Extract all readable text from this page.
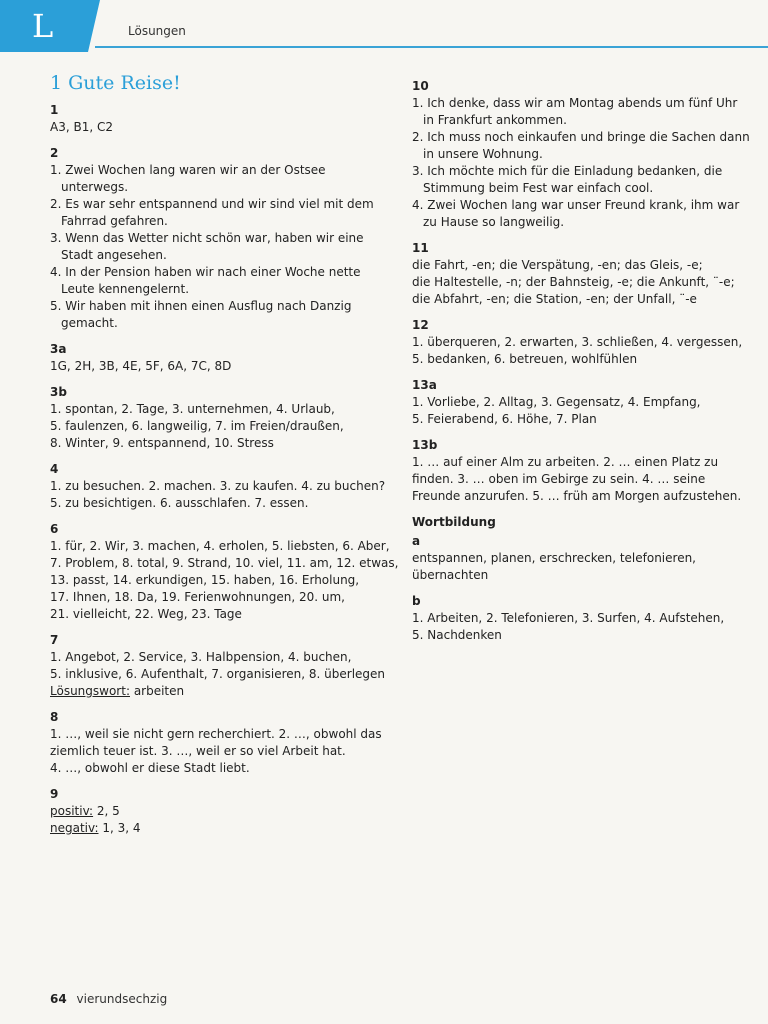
L	Lösungen
1 Gute Reise!
1
A3, B1, C2
2
1. Zwei Wochen lang waren wir an der Ostsee unterwegs.
2. Es war sehr entspannend und wir sind viel mit dem Fahrrad gefahren.
3. Wenn das Wetter nicht schön war, haben wir eine Stadt angesehen.
4. In der Pension haben wir nach einer Woche nette Leute kennengelernt.
5. Wir haben mit ihnen einen Ausflug nach Danzig gemacht.
3a
1G, 2H, 3B, 4E, 5F, 6A, 7C, 8D
3b
1. spontan, 2. Tage, 3. unternehmen, 4. Urlaub,
5. faulenzen, 6. langweilig, 7. im Freien/draußen,
8. Winter, 9. entspannend, 10. Stress
4
1. zu besuchen. 2. machen. 3. zu kaufen. 4. zu buchen?
5. zu besichtigen. 6. ausschlafen. 7. essen.
6
1. für, 2. Wir, 3. machen, 4. erholen, 5. liebsten, 6. Aber,
7. Problem, 8. total, 9. Strand, 10. viel, 11. am, 12. etwas,
13. passt, 14. erkundigen, 15. haben, 16. Erholung,
17. Ihnen, 18. Da, 19. Ferienwohnungen, 20. um,
21. vielleicht, 22. Weg, 23. Tage
7
1. Angebot, 2. Service, 3. Halbpension, 4. buchen,
5. inklusive, 6. Aufenthalt, 7. organisieren, 8. überlegen
Lösungswort: arbeiten
8
1. …, weil sie nicht gern recherchiert. 2. …, obwohl das
ziemlich teuer ist. 3. …, weil er so viel Arbeit hat.
4. …, obwohl er diese Stadt liebt.
9
positiv: 2, 5
negativ: 1, 3, 4
10
1. Ich denke, dass wir am Montag abends um fünf Uhr in Frankfurt ankommen.
2. Ich muss noch einkaufen und bringe die Sachen dann in unsere Wohnung.
3. Ich möchte mich für die Einladung bedanken, die Stimmung beim Fest war einfach cool.
4. Zwei Wochen lang war unser Freund krank, ihm war zu Hause so langweilig.
11
die Fahrt, -en; die Verspätung, -en; das Gleis, -e;
die Haltestelle, -n; der Bahnsteig, -e; die Ankunft, ¨-e;
die Abfahrt, -en; die Station, -en; der Unfall, ¨-e
12
1. überqueren, 2. erwarten, 3. schließen, 4. vergessen,
5. bedanken, 6. betreuen, wohlfühlen
13a
1. Vorliebe, 2. Alltag, 3. Gegensatz, 4. Empfang,
5. Feierabend, 6. Höhe, 7. Plan
13b
1. … auf einer Alm zu arbeiten. 2. … einen Platz zu
finden. 3. … oben im Gebirge zu sein. 4. … seine
Freunde anzurufen. 5. … früh am Morgen aufzustehen.
Wortbildung
a
entspannen, planen, erschrecken, telefonieren,
übernachten
b
1. Arbeiten, 2. Telefonieren, 3. Surfen, 4. Aufstehen,
5. Nachdenken
64 vierundsechzig
